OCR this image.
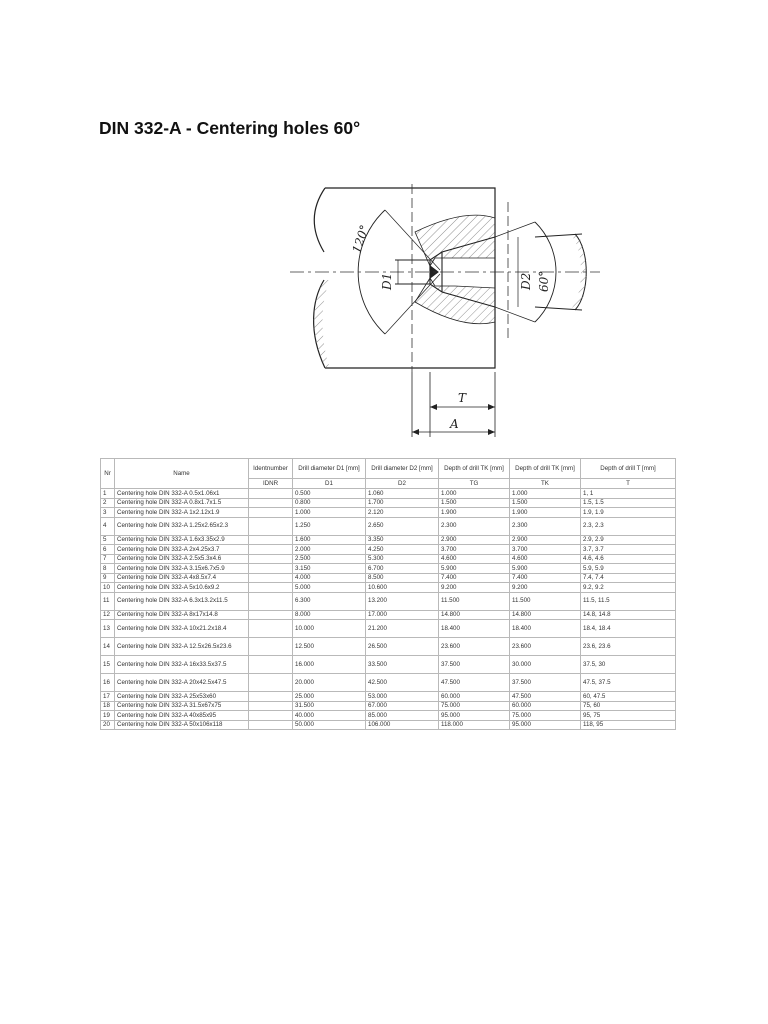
DIN 332-A - Centering holes 60°
D1	D2
120°
60°
T
A
Nr	Name	Identnumber	Drill diameter D1 [mm]	Drill diameter D2 [mm]	Depth of drill TK [mm]	Depth of drill TK [mm]	Depth of drill T [mm]
		IDNR	D1	D2	TG	TK	T
1	Centering hole DIN 332-A 0.5x1.06x1		0.500	1.060	1.000	1.000	1, 1
2	Centering hole DIN 332-A 0.8x1.7x1.5		0.800	1.700	1.500	1.500	1.5, 1.5
3	Centering hole DIN 332-A 1x2.12x1.9		1.000	2.120	1.900	1.900	1.9, 1.9
4	Centering hole DIN 332-A 1.25x2.65x2.3		1.250	2.650	2.300	2.300	2.3, 2.3
5	Centering hole DIN 332-A 1.6x3.35x2.9		1.600	3.350	2.900	2.900	2.9, 2.9
6	Centering hole DIN 332-A 2x4.25x3.7		2.000	4.250	3.700	3.700	3.7, 3.7
7	Centering hole DIN 332-A 2.5x5.3x4.6		2.500	5.300	4.600	4.600	4.6, 4.6
8	Centering hole DIN 332-A 3.15x6.7x5.9		3.150	6.700	5.900	5.900	5.9, 5.9
9	Centering hole DIN 332-A 4x8.5x7.4		4.000	8.500	7.400	7.400	7.4, 7.4
10	Centering hole DIN 332-A 5x10.6x9.2		5.000	10.600	9.200	9.200	9.2, 9.2
11	Centering hole DIN 332-A 6.3x13.2x11.5		6.300	13.200	11.500	11.500	11.5, 11.5
12	Centering hole DIN 332-A 8x17x14.8		8.000	17.000	14.800	14.800	14.8, 14.8
13	Centering hole DIN 332-A 10x21.2x18.4		10.000	21.200	18.400	18.400	18.4, 18.4
14	Centering hole DIN 332-A 12.5x26.5x23.6		12.500	26.500	23.600	23.600	23.6, 23.6
15	Centering hole DIN 332-A 16x33.5x37.5		16.000	33.500	37.500	30.000	37.5, 30
16	Centering hole DIN 332-A 20x42.5x47.5		20.000	42.500	47.500	37.500	47.5, 37.5
17	Centering hole DIN 332-A 25x53x60		25.000	53.000	60.000	47.500	60, 47.5
18	Centering hole DIN 332-A 31.5x67x75		31.500	67.000	75.000	60.000	75, 60
19	Centering hole DIN 332-A 40x85x95		40.000	85.000	95.000	75.000	95, 75
20	Centering hole DIN 332-A 50x106x118		50.000	106.000	118.000	95.000	118, 95
